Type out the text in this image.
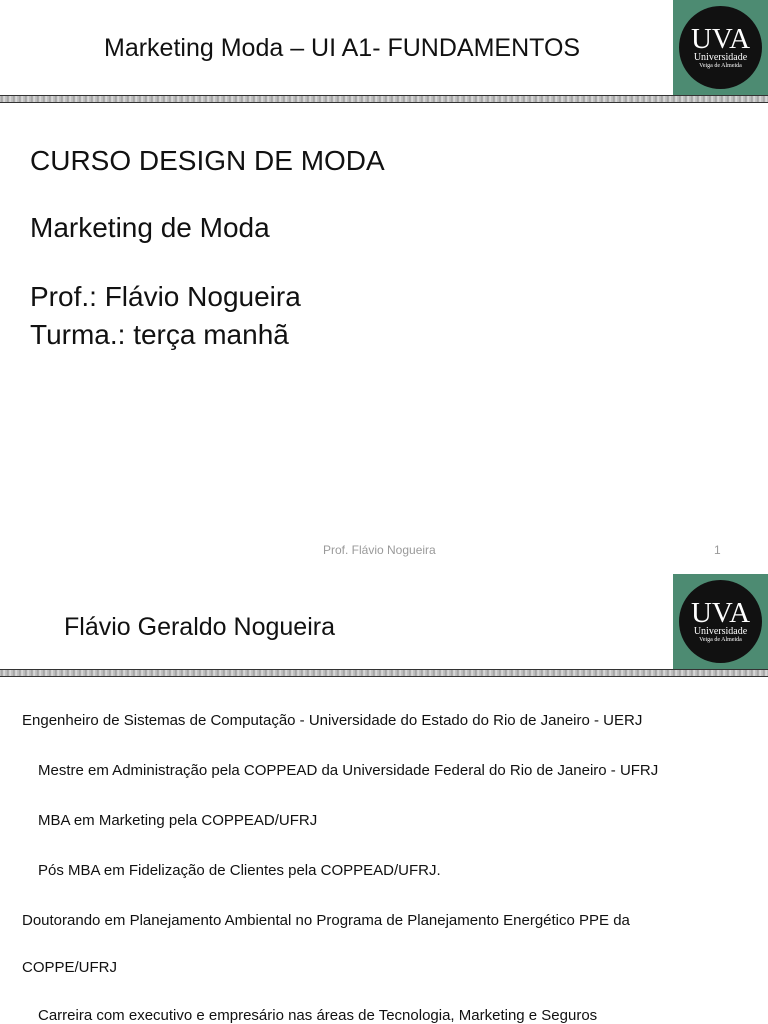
Marketing Moda – UI A1- FUNDAMENTOS	UVA
Universidade
Veiga de Almeida
CURSO DESIGN DE MODA
Marketing de Moda
Prof.: Flávio Nogueira
Turma.: terça manhã
Prof. Flávio Nogueira	1
Flávio Geraldo Nogueira	UVA
Universidade
Veiga de Almeida
Engenheiro de Sistemas de Computação - Universidade do Estado do Rio de Janeiro - UERJ
Mestre em Administração pela COPPEAD da Universidade Federal do Rio de Janeiro - UFRJ
MBA em Marketing pela COPPEAD/UFRJ
Pós MBA em Fidelização de Clientes pela COPPEAD/UFRJ.
Doutorando em Planejamento Ambiental no Programa de Planejamento Energético PPE da
COPPE/UFRJ
Carreira com executivo e empresário nas áreas de Tecnologia, Marketing e Seguros
